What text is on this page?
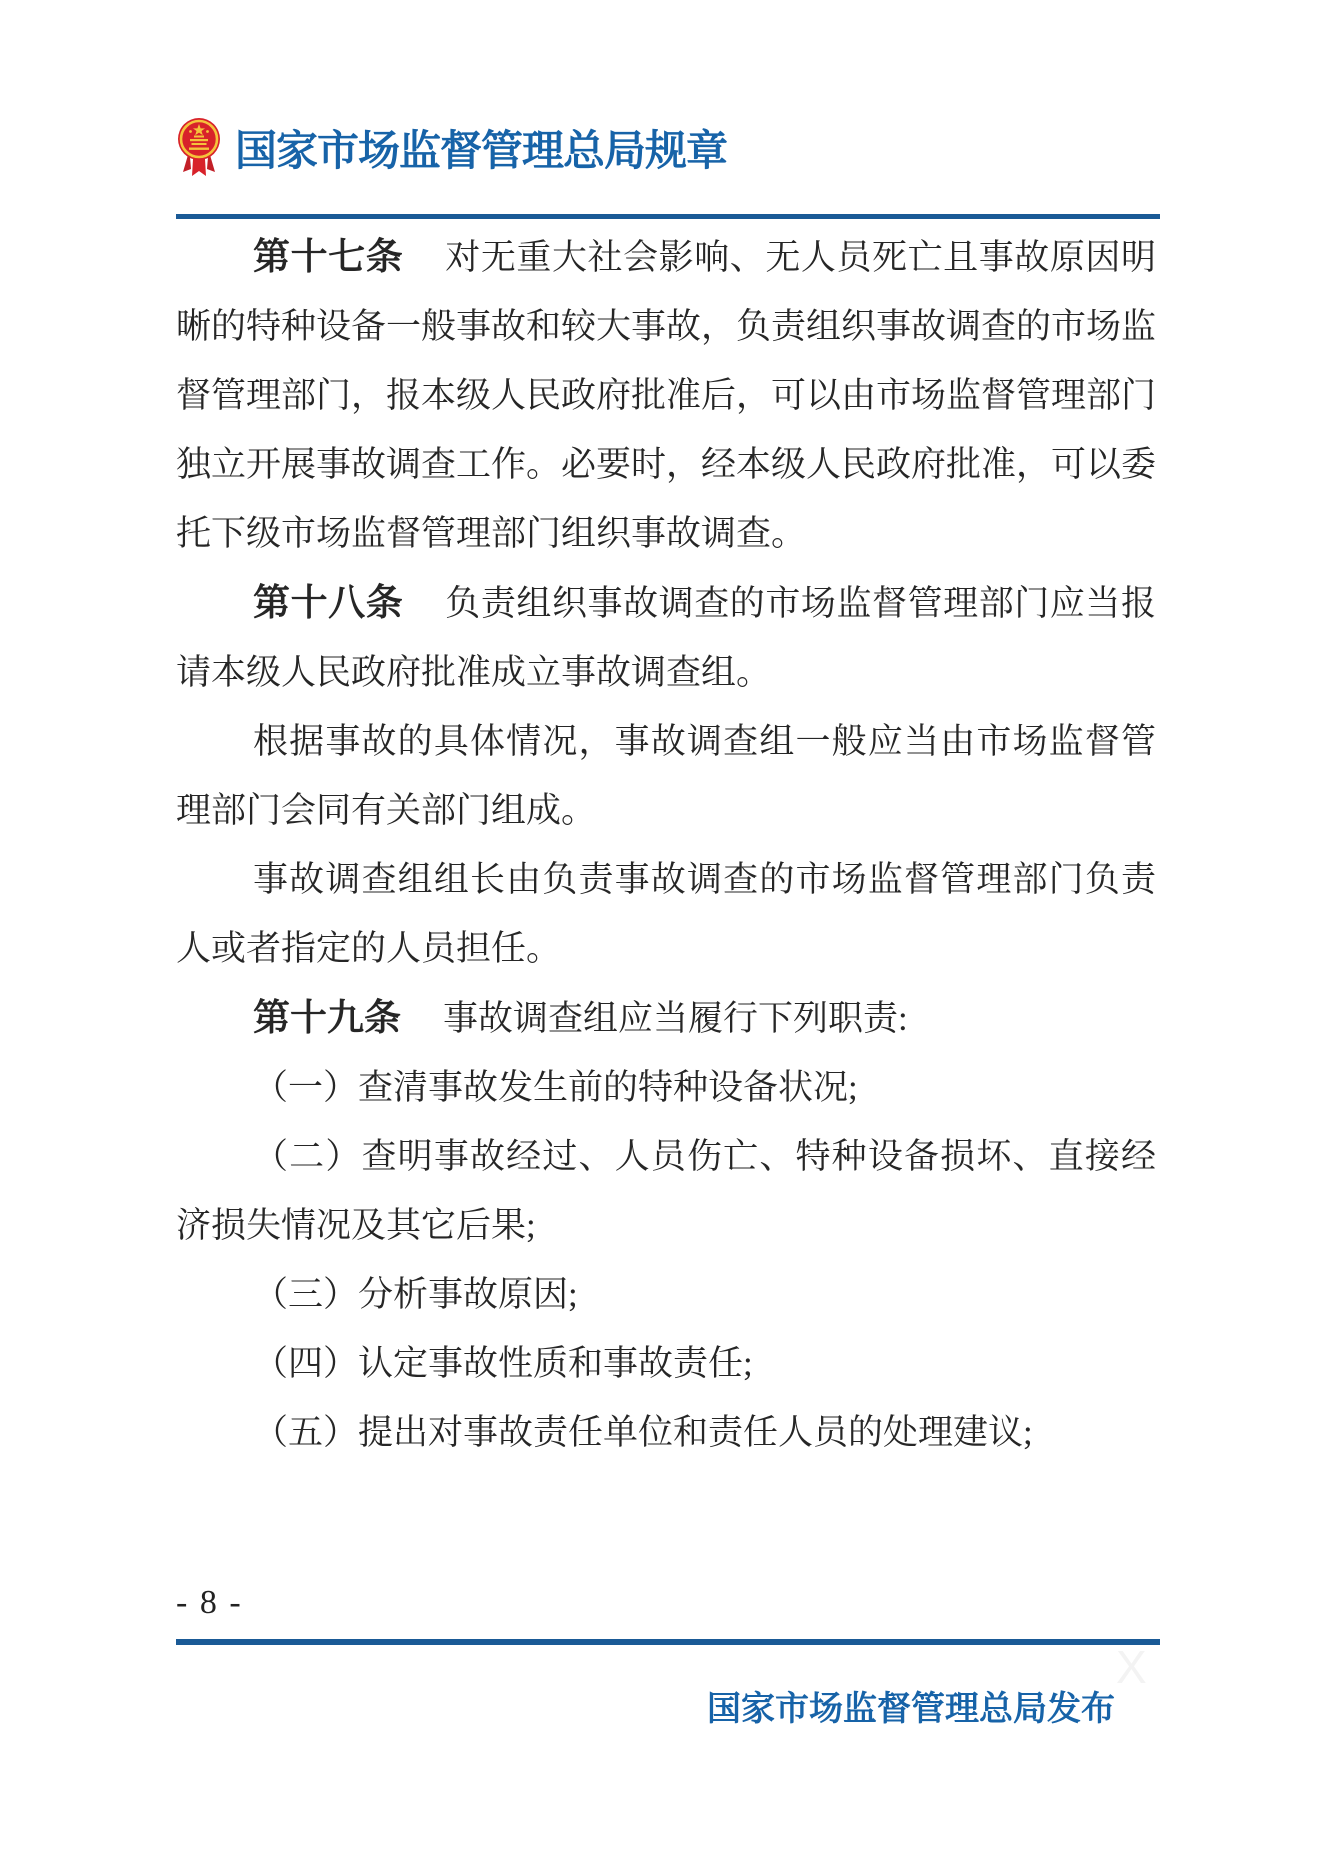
国家市场监督管理总局规章

第十七条 对无重大社会影响、无人员死亡且事故原因明晰的特种设备一般事故和较大事故，负责组织事故调查的市场监督管理部门，报本级人民政府批准后，可以由市场监督管理部门独立开展事故调查工作。必要时，经本级人民政府批准，可以委托下级市场监督管理部门组织事故调查。

第十八条 负责组织事故调查的市场监督管理部门应当报请本级人民政府批准成立事故调查组。

根据事故的具体情况，事故调查组一般应当由市场监督管理部门会同有关部门组成。

事故调查组组长由负责事故调查的市场监督管理部门负责人或者指定的人员担任。

第十九条 事故调查组应当履行下列职责:

（一）查清事故发生前的特种设备状况;

（二）查明事故经过、人员伤亡、特种设备损坏、直接经济损失情况及其它后果;

（三）分析事故原因;

（四）认定事故性质和事故责任;

（五）提出对事故责任单位和责任人员的处理建议;

- 8 -
X
国家市场监督管理总局发布
